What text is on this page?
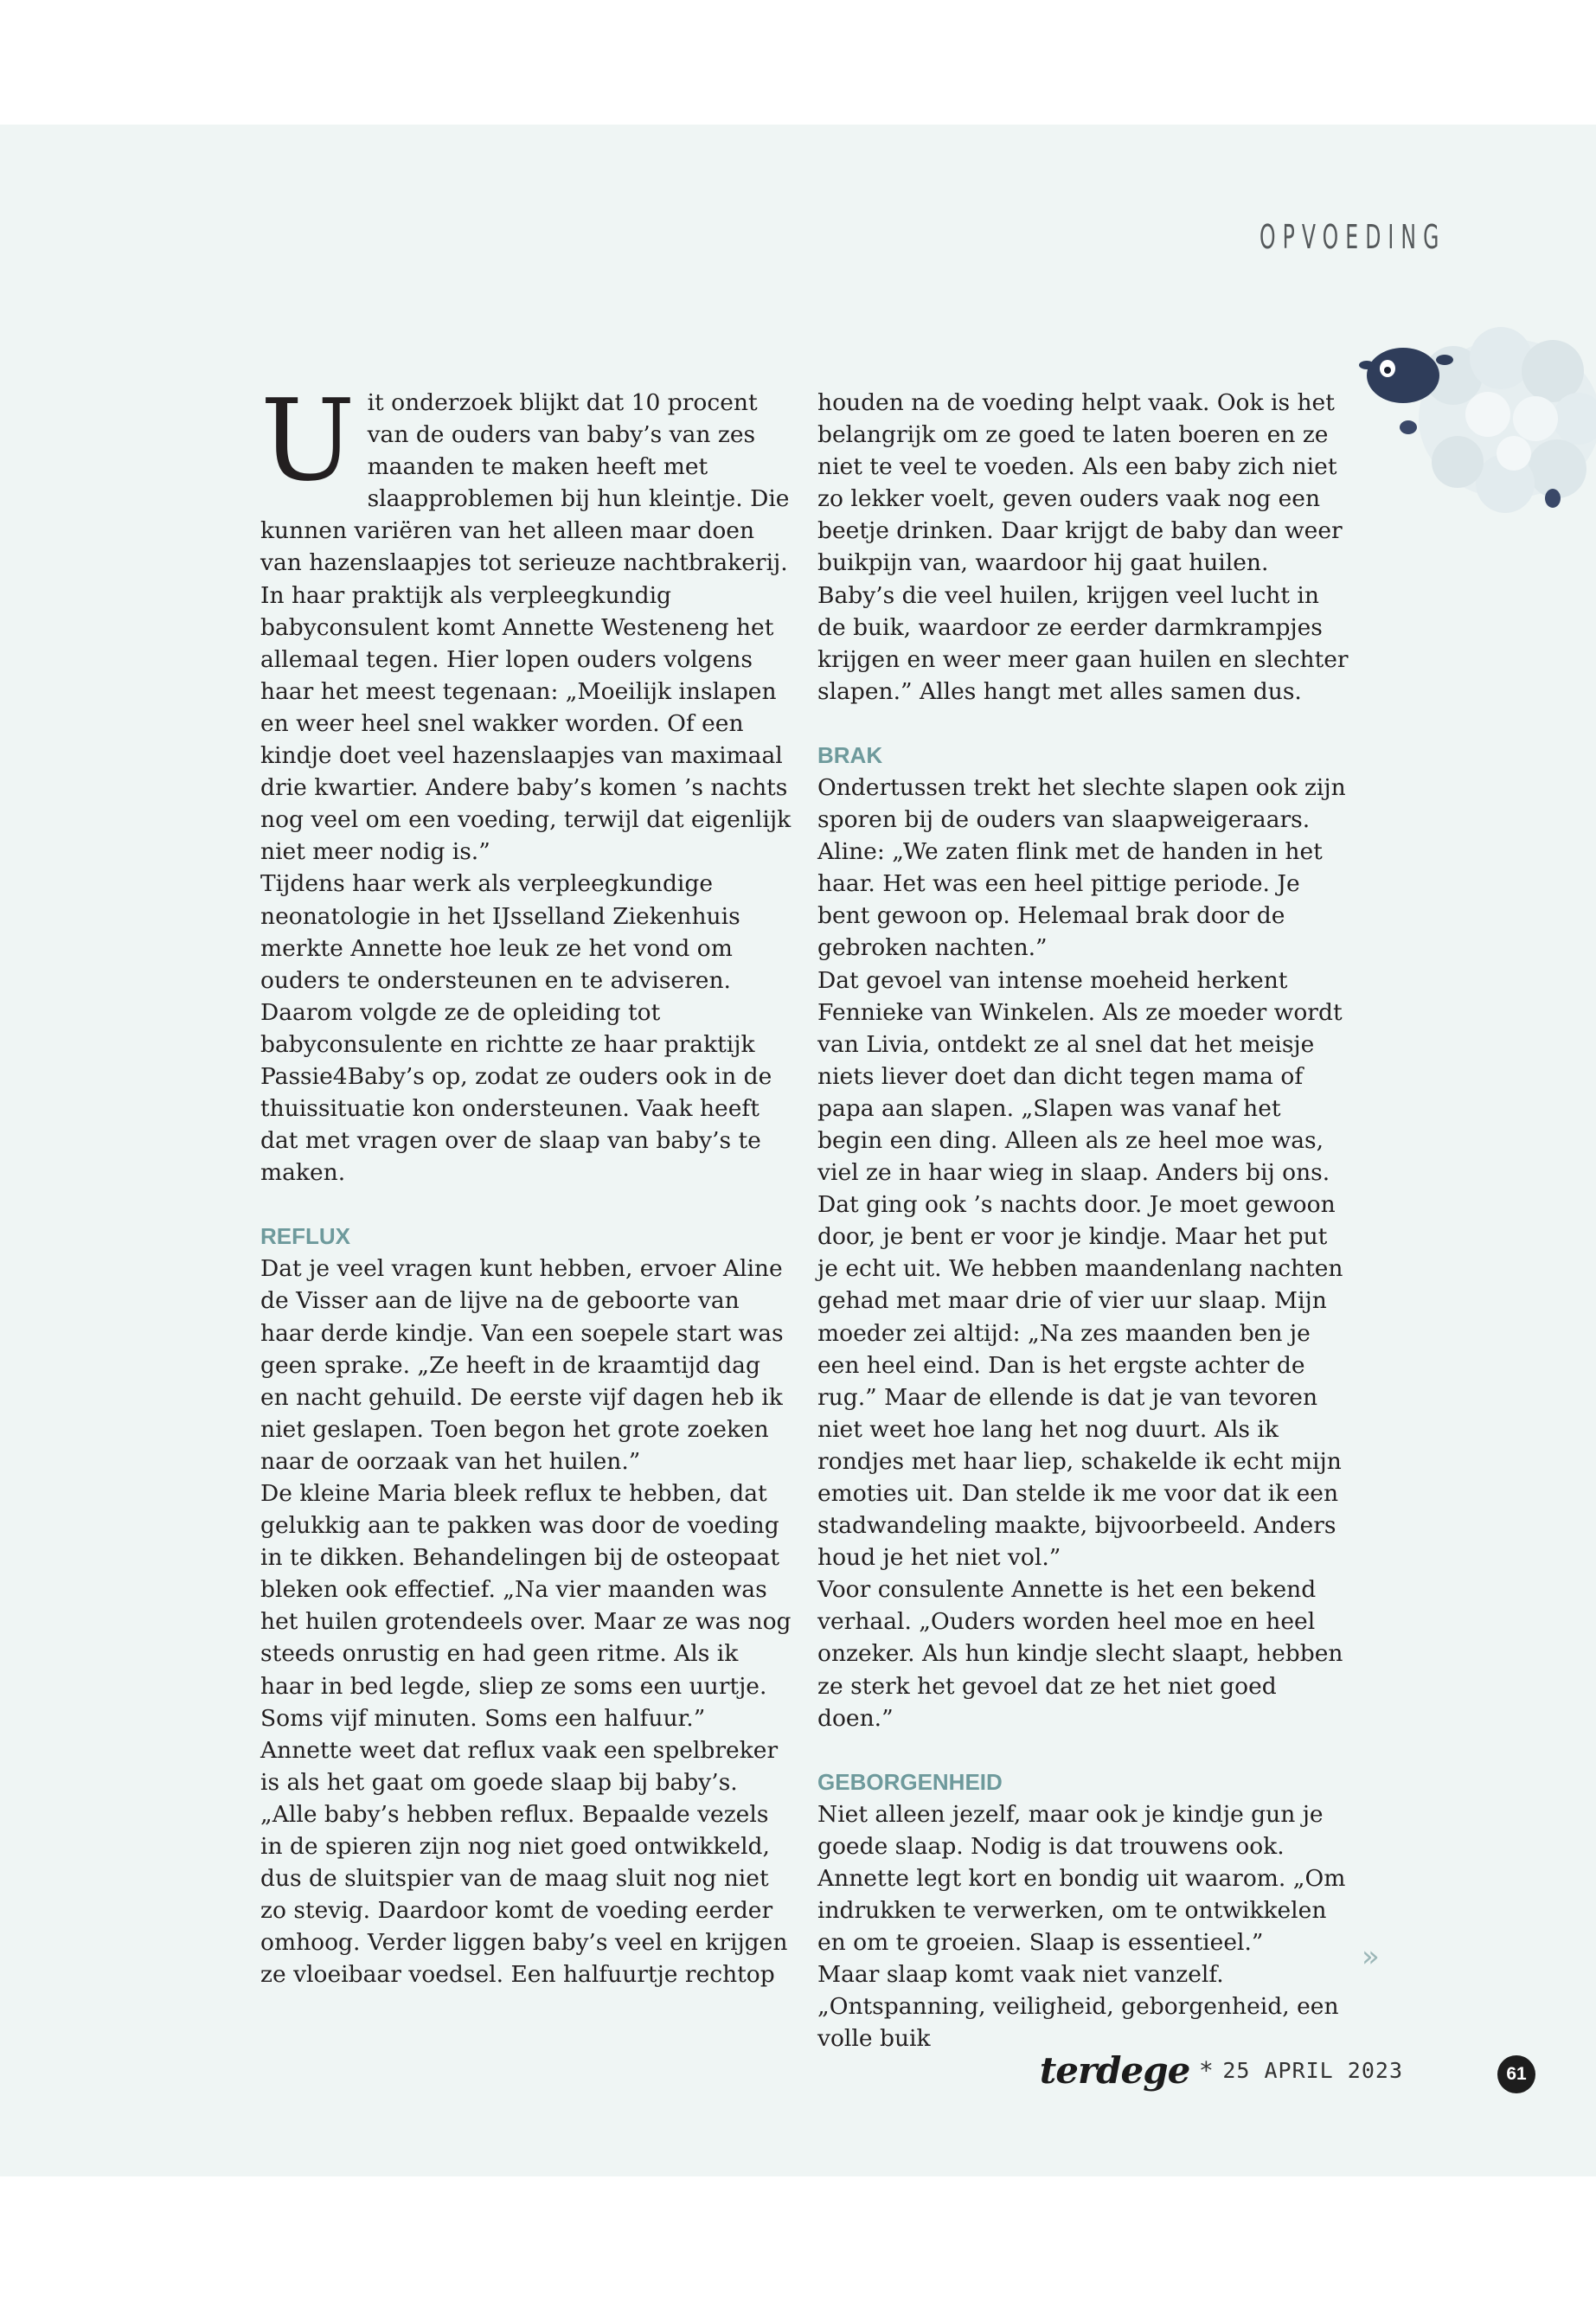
OPVOEDING

Uit onderzoek blijkt dat 10 procent van de ouders van baby’s van zes maanden te maken heeft met slaapproblemen bij hun kleintje. Die kunnen variëren van het alleen maar doen van hazenslaapjes tot serieuze nachtbrakerij.

In haar praktijk als verpleegkundig babyconsulent komt Annette Westeneng het allemaal tegen. Hier lopen ouders volgens haar het meest tegenaan: „Moeilijk inslapen en weer heel snel wakker worden. Of een kindje doet veel hazenslaapjes van maximaal drie kwartier. Andere baby’s komen ’s nachts nog veel om een voeding, terwijl dat eigenlijk niet meer nodig is.”

Tijdens haar werk als verpleegkundige neonatologie in het IJsselland Ziekenhuis merkte Annette hoe leuk ze het vond om ouders te ondersteunen en te adviseren. Daarom volgde ze de opleiding tot babyconsulente en richtte ze haar praktijk Passie4Baby’s op, zodat ze ouders ook in de thuissituatie kon ondersteunen. Vaak heeft dat met vragen over de slaap van baby’s te maken.

REFLUX

Dat je veel vragen kunt hebben, ervoer Aline de Visser aan de lijve na de geboorte van haar derde kindje. Van een soepele start was geen sprake. „Ze heeft in de kraamtijd dag en nacht gehuild. De eerste vijf dagen heb ik niet geslapen. Toen begon het grote zoeken naar de oorzaak van het huilen.”

De kleine Maria bleek reflux te hebben, dat gelukkig aan te pakken was door de voeding in te dikken. Behandelingen bij de osteopaat bleken ook effectief. „Na vier maanden was het huilen grotendeels over. Maar ze was nog steeds onrustig en had geen ritme. Als ik haar in bed legde, sliep ze soms een uurtje. Soms vijf minuten. Soms een halfuur.”

Annette weet dat reflux vaak een spelbreker is als het gaat om goede slaap bij baby’s. „Alle baby’s hebben reflux. Bepaalde vezels in de spieren zijn nog niet goed ontwikkeld, dus de sluitspier van de maag sluit nog niet zo stevig. Daardoor komt de voeding eerder omhoog. Verder liggen baby’s veel en krijgen ze vloeibaar voedsel. Een halfuurtje rechtop

houden na de voeding helpt vaak. Ook is het belangrijk om ze goed te laten boeren en ze niet te veel te voeden. Als een baby zich niet zo lekker voelt, geven ouders vaak nog een beetje drinken. Daar krijgt de baby dan weer buikpijn van, waardoor hij gaat huilen. Baby’s die veel huilen, krijgen veel lucht in de buik, waardoor ze eerder darmkrampjes krijgen en weer meer gaan huilen en slechter slapen.” Alles hangt met alles samen dus.

BRAK

Ondertussen trekt het slechte slapen ook zijn sporen bij de ouders van slaapweigeraars. Aline: „We zaten flink met de handen in het haar. Het was een heel pittige periode. Je bent gewoon op. Helemaal brak door de gebroken nachten.”

Dat gevoel van intense moeheid herkent Fennieke van Winkelen. Als ze moeder wordt van Livia, ontdekt ze al snel dat het meisje niets liever doet dan dicht tegen mama of papa aan slapen. „Slapen was vanaf het begin een ding. Alleen als ze heel moe was, viel ze in haar wieg in slaap. Anders bij ons. Dat ging ook ’s nachts door. Je moet gewoon door, je bent er voor je kindje. Maar het put je echt uit. We hebben maandenlang nachten gehad met maar drie of vier uur slaap. Mijn moeder zei altijd: „Na zes maanden ben je een heel eind. Dan is het ergste achter de rug.” Maar de ellende is dat je van tevoren niet weet hoe lang het nog duurt. Als ik rondjes met haar liep, schakelde ik echt mijn emoties uit. Dan stelde ik me voor dat ik een stadwandeling maakte, bijvoorbeeld. Anders houd je het niet vol.”

Voor consulente Annette is het een bekend verhaal. „Ouders worden heel moe en heel onzeker. Als hun kindje slecht slaapt, hebben ze sterk het gevoel dat ze het niet goed doen.”

GEBORGENHEID

Niet alleen jezelf, maar ook je kindje gun je goede slaap. Nodig is dat trouwens ook. Annette legt kort en bondig uit waarom. „Om indrukken te verwerken, om te ontwikkelen en om te groeien. Slaap is essentieel.”

Maar slaap komt vaak niet vanzelf. „Ontspanning, veiligheid, geborgenheid, een volle buik

»
terdege * 25 APRIL 2023	61
